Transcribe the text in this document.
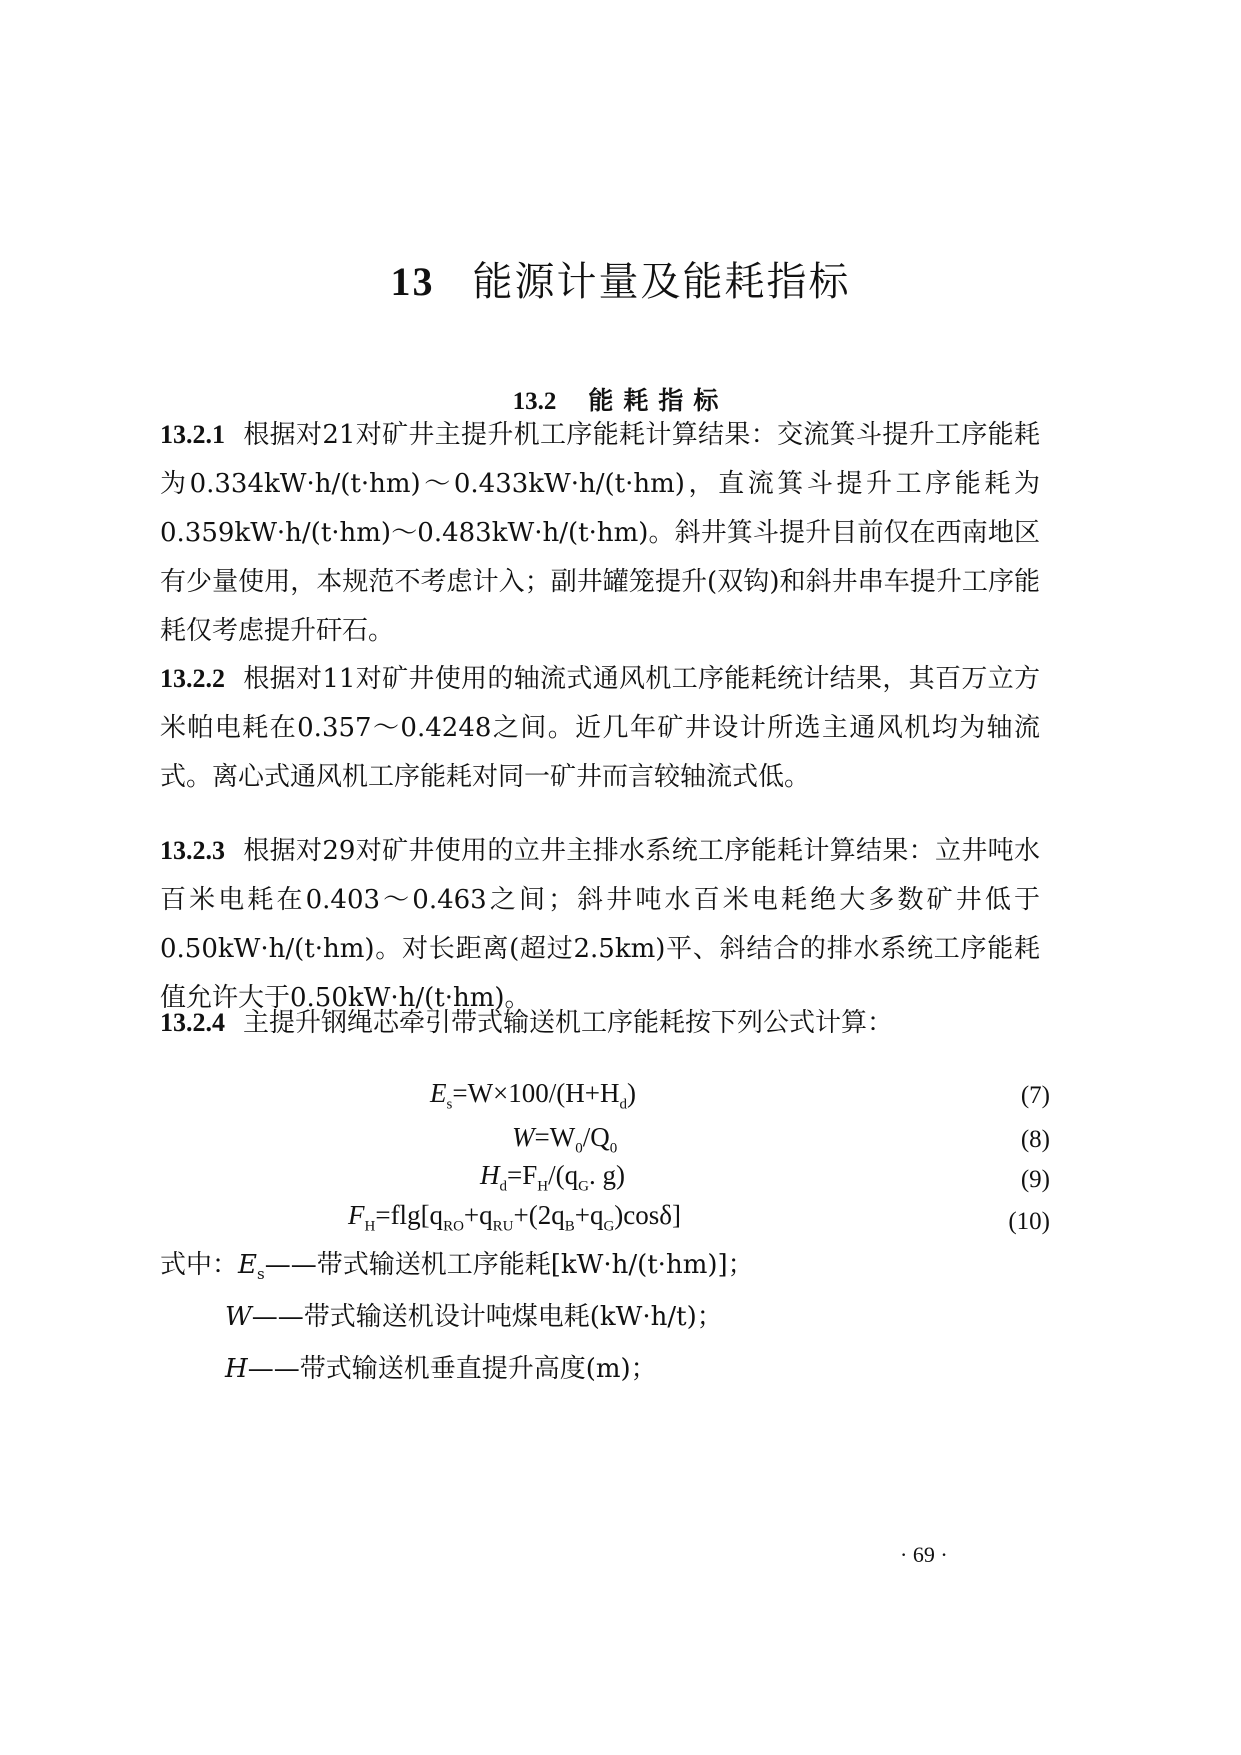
13 能源计量及能耗指标
13.2 能耗指标

13.2.1 根据对21对矿井主提升机工序能耗计算结果：交流箕斗提升工序能耗为0.334kW·h/(t·hm)～0.433kW·h/(t·hm)，直流箕斗提升工序能耗为0.359kW·h/(t·hm)～0.483kW·h/(t·hm)。斜井箕斗提升目前仅在西南地区有少量使用，本规范不考虑计入；副井罐笼提升(双钩)和斜井串车提升工序能耗仅考虑提升矸石。

13.2.2 根据对11对矿井使用的轴流式通风机工序能耗统计结果，其百万立方米帕电耗在0.357～0.4248之间。近几年矿井设计所选主通风机均为轴流式。离心式通风机工序能耗对同一矿井而言较轴流式低。

13.2.3 根据对29对矿井使用的立井主排水系统工序能耗计算结果：立井吨水百米电耗在0.403～0.463之间；斜井吨水百米电耗绝大多数矿井低于0.50kW·h/(t·hm)。对长距离(超过2.5km)平、斜结合的排水系统工序能耗值允许大于0.50kW·h/(t·hm)。

13.2.4 主提升钢绳芯牵引带式输送机工序能耗按下列公式计算：

$E_s=W\times 100/(H+H_d)$	(7)
$W=W_0/Q_0$	(8)
$H_d=F_H/(q_G$. g)	(9)
$F_H=flg[q_{RO}+q_{RU}+(2q_B+q_G)\cos\delta]$	(10)
式中：$E_s——$带式输送机工序能耗[kW·h/(t·hm)]；
W——带式输送机设计吨煤电耗(kW·h/t)；
H——带式输送机垂直提升高度(m)；
· 69 ·
